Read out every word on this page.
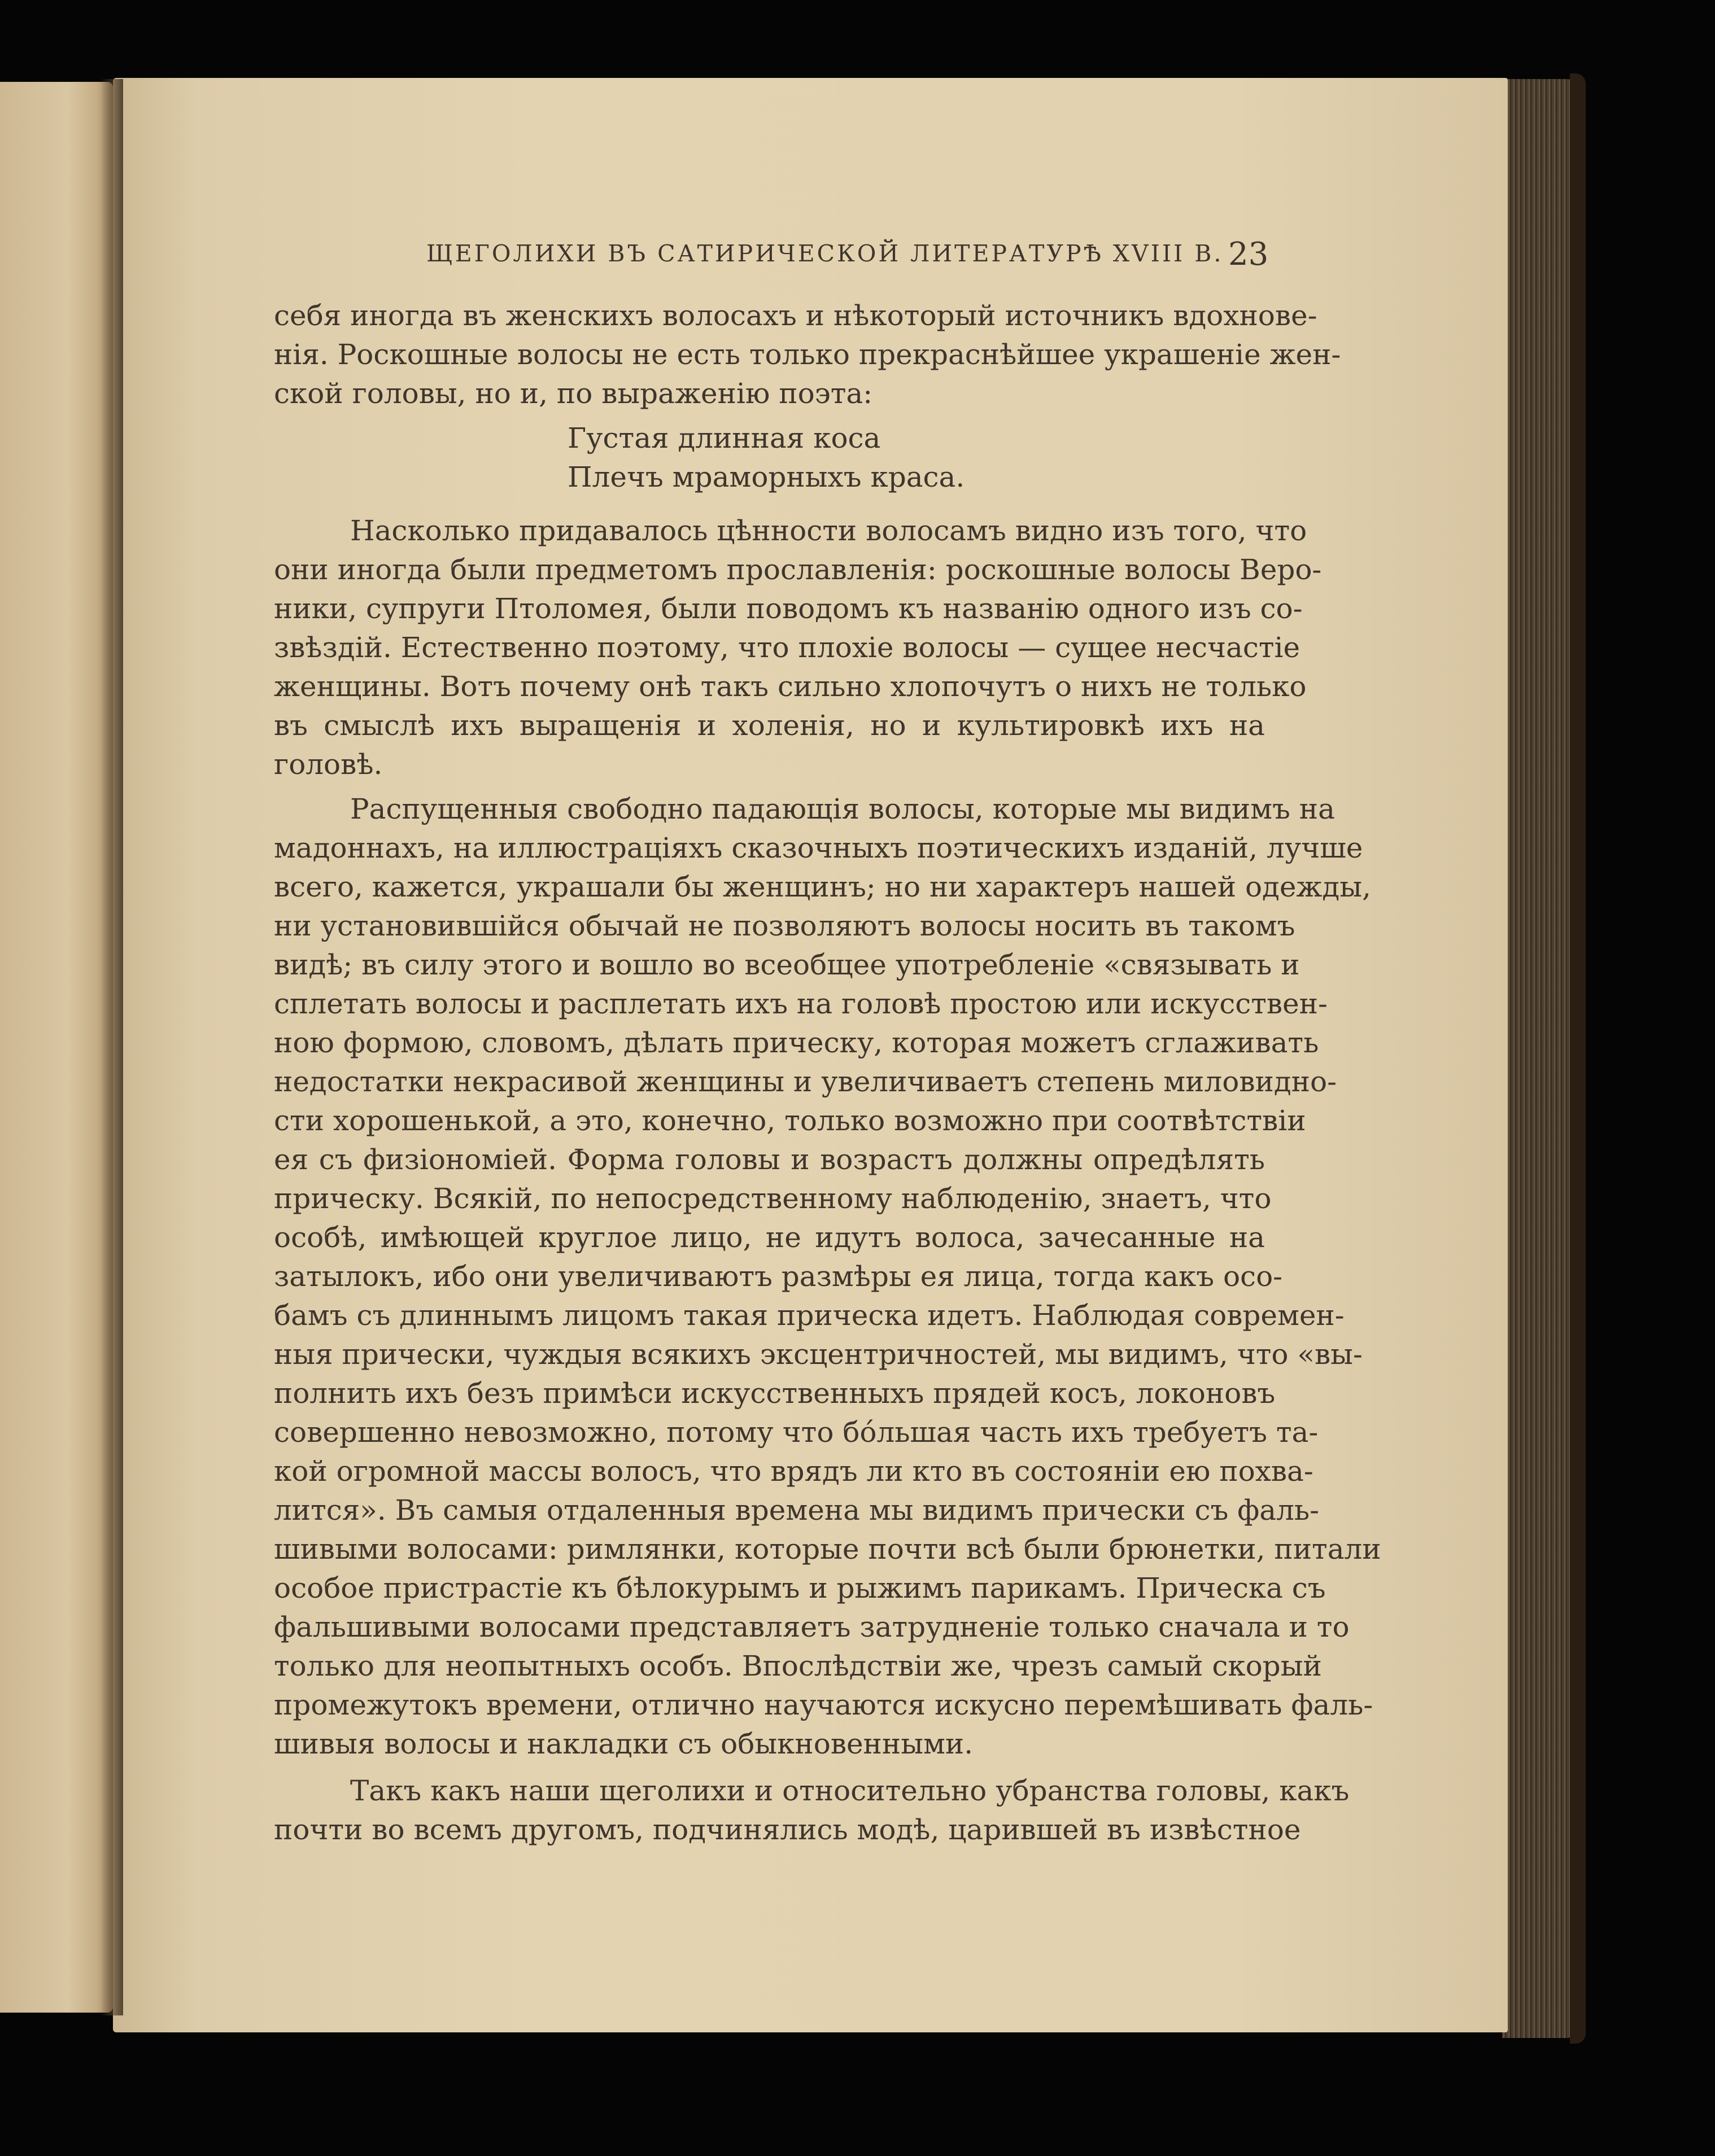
ЩЕГОЛИХИ ВЪ САТИРИЧЕСКОЙ ЛИТЕРАТУРѢ XVIII В. 23
себя иногда въ женскихъ волосахъ и нѣкоторый источникъ вдохнове-
нія. Роскошные волосы не есть только прекраснѣйшее украшеніе жен-
ской головы, но и, по выраженію поэта:
Густая длинная коса
Плечъ мраморныхъ краса.
Насколько придавалось цѣнности волосамъ видно изъ того, что
они иногда были предметомъ прославленія: роскошные волосы Веро-
ники, супруги Птоломея, были поводомъ къ названію одного изъ со-
звѣздій. Естественно поэтому, что плохіе волосы — сущее несчастіе
женщины. Вотъ почему онѣ такъ сильно хлопочутъ о нихъ не только
въ смыслѣ ихъ выращенія и холенія, но и культировкѣ ихъ на
головѣ.
Распущенныя свободно падающія волосы, которые мы видимъ на
мадоннахъ, на иллюстраціяхъ сказочныхъ поэтическихъ изданій, лучше
всего, кажется, украшали бы женщинъ; но ни характеръ нашей одежды,
ни установившійся обычай не позволяютъ волосы носить въ такомъ
видѣ; въ силу этого и вошло во всеобщее употребленіе «связывать и
сплетать волосы и расплетать ихъ на головѣ простою или искусствен-
ною формою, словомъ, дѣлать прическу, которая можетъ сглаживать
недостатки некрасивой женщины и увеличиваетъ степень миловидно-
сти хорошенькой, а это, конечно, только возможно при соотвѣтствіи
ея съ физіономіей. Форма головы и возрастъ должны опредѣлять
прическу. Всякій, по непосредственному наблюденію, знаетъ, что
особѣ, имѣющей круглое лицо, не идутъ волоса, зачесанные на
затылокъ, ибо они увеличиваютъ размѣры ея лица, тогда какъ осо-
бамъ съ длиннымъ лицомъ такая прическа идетъ. Наблюдая современ-
ныя прически, чуждыя всякихъ эксцентричностей, мы видимъ, что «вы-
полнить ихъ безъ примѣси искусственныхъ прядей косъ, локоновъ
совершенно невозможно, потому что бо́льшая часть ихъ требуетъ та-
кой огромной массы волосъ, что врядъ ли кто въ состояніи ею похва-
лится». Въ самыя отдаленныя времена мы видимъ прически съ фаль-
шивыми волосами: римлянки, которые почти всѣ были брюнетки, питали
особое пристрастіе къ бѣлокурымъ и рыжимъ парикамъ. Прическа съ
фальшивыми волосами представляетъ затрудненіе только сначала и то
только для неопытныхъ особъ. Впослѣдствіи же, чрезъ самый скорый
промежутокъ времени, отлично научаются искусно перемѣшивать фаль-
шивыя волосы и накладки съ обыкновенными.
Такъ какъ наши щеголихи и относительно убранства головы, какъ
почти во всемъ другомъ, подчинялись модѣ, царившей въ извѣстное
